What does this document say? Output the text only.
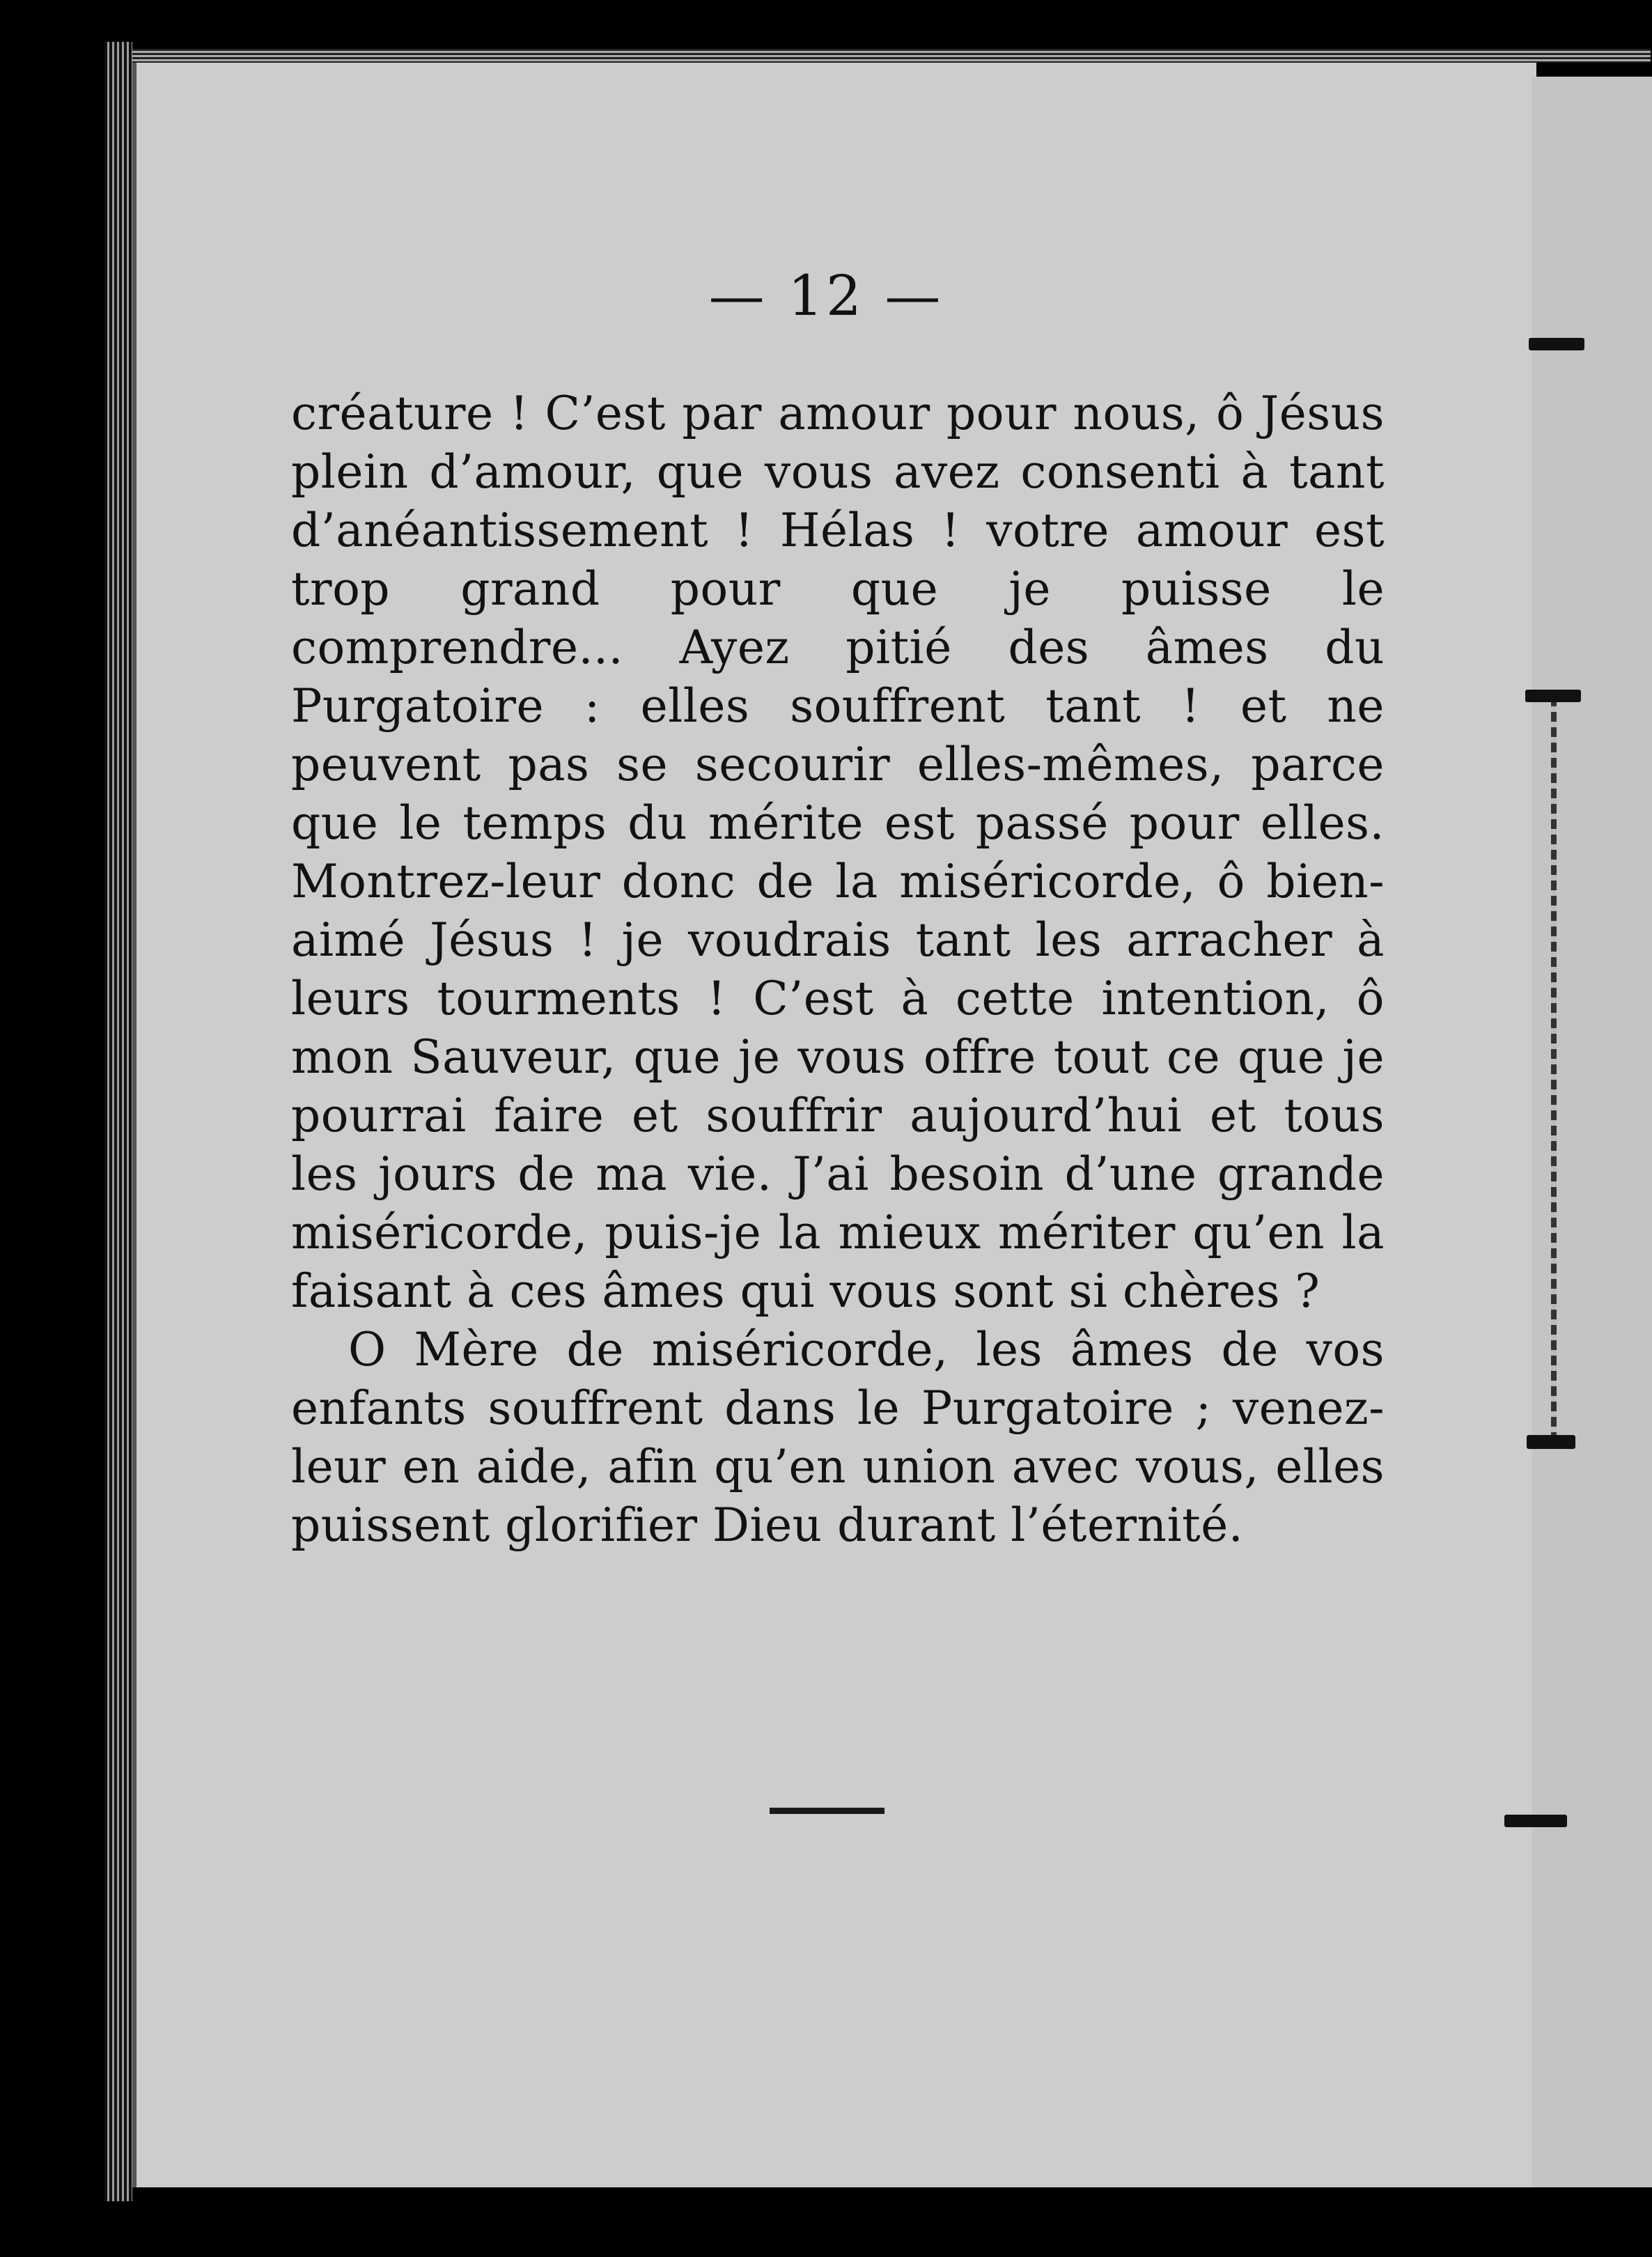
— 12 —

créature ! C’est par amour pour nous, ô Jésus plein d’amour, que vous avez consenti à tant d’anéantissement ! Hélas ! votre amour est trop grand pour que je puisse le comprendre... Ayez pitié des âmes du Purgatoire : elles souffrent tant ! et ne peuvent pas se secourir elles-mêmes, parce que le temps du mérite est passé pour elles. Montrez-leur donc de la miséricorde, ô bien-aimé Jésus ! je voudrais tant les arracher à leurs tourments ! C’est à cette intention, ô mon Sauveur, que je vous offre tout ce que je pourrai faire et souffrir aujourd’hui et tous les jours de ma vie. J’ai besoin d’une grande miséricorde, puis-je la mieux mériter qu’en la faisant à ces âmes qui vous sont si chères ?

O Mère de miséricorde, les âmes de vos enfants souffrent dans le Purgatoire ; venez-leur en aide, afin qu’en union avec vous, elles puissent glorifier Dieu durant l’éternité.
